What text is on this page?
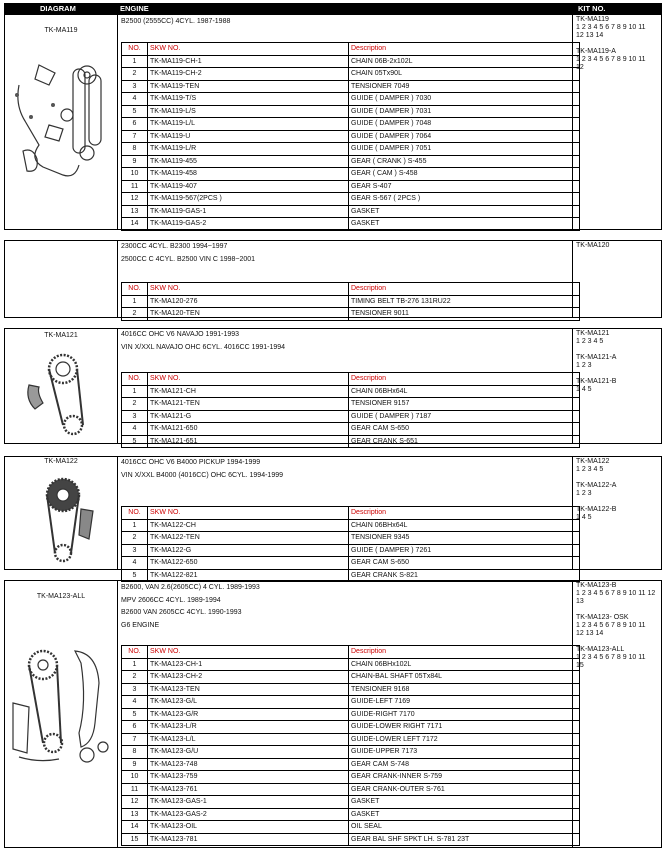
DIAGRAM	ENGINE	KIT NO.
TK-MA119
B2500 (2555CC) 4CYL. 1987-1988
NO.	SKW NO.	Description
1	TK-MA119-CH-1	CHAIN 06B-2x102L
2	TK-MA119-CH-2	CHAIN 05Tx90L
3	TK-MA119-TEN	TENSIONER 7049
4	TK-MA119-T/S	GUIDE ( DAMPER ) 7030
5	TK-MA119-L/S	GUIDE ( DAMPER ) 7031
6	TK-MA119-L/L	GUIDE ( DAMPER ) 7048
7	TK-MA119-U	GUIDE ( DAMPER ) 7064
8	TK-MA119-L/R	GUIDE ( DAMPER ) 7051
9	TK-MA119-455	GEAR ( CRANK ) S-455
10	TK-MA119-458	GEAR ( CAM ) S-458
11	TK-MA119-407	GEAR S-407
12	TK-MA119-567(2PCS )	GEAR S-567 ( 2PCS )
13	TK-MA119-GAS-1	GASKET
14	TK-MA119-GAS-2	GASKET
TK-MA119
1 2 3 4 5 6 7 8 9 10 11
12 13 14
TK-MA119-A
1 2 3 4 5 6 7 8 9 10 11
12
2300CC 4CYL. B2300 1994~1997
2500CC C 4CYL. B2500 VIN C 1998~2001
NO.	SKW NO.	Description
1	TK-MA120-276	TIMING BELT TB-276 131RU22
2	TK-MA120-TEN	TENSIONER 9011
TK-MA120
TK-MA121	4016CC OHC V6 NAVAJO 1991-1993
VIN X/XXL NAVAJO OHC 6CYL. 4016CC 1991-1994
NO.	SKW NO.	Description
1	TK-MA121-CH	CHAIN 06BHx64L
2	TK-MA121-TEN	TENSIONER 9157
3	TK-MA121-G	GUIDE ( DAMPER ) 7187
4	TK-MA121-650	GEAR CAM S-650
5	TK-MA121-651	GEAR CRANK S-651
TK-MA121
1 2 3 4 5
TK-MA121-A
1 2 3
TK-MA121-B
1 4 5
TK-MA122	4016CC OHC V6 B4000 PICKUP 1994-1999
VIN X/XXL B4000 (4016CC) OHC 6CYL. 1994-1999
NO.	SKW NO.	Description
1	TK-MA122-CH	CHAIN 06BHx64L
2	TK-MA122-TEN	TENSIONER 9345
3	TK-MA122-G	GUIDE ( DAMPER ) 7261
4	TK-MA122-650	GEAR CAM S-650
5	TK-MA122-821	GEAR CRANK S-821
TK-MA122
1 2 3 4 5
TK-MA122-A
1 2 3
TK-MA122-B
1 4 5
TK-MA123-ALL
B2600, VAN 2.6(2605CC) 4 CYL. 1989-1993
MPV 2606CC 4CYL. 1989-1994
B2600 VAN 2605CC 4CYL. 1990-1993
G6 ENGINE
NO.	SKW NO.	Description
1	TK-MA123-CH-1	CHAIN 06BHx102L
2	TK-MA123-CH-2	CHAIN-BAL SHAFT 05Tx84L
3	TK-MA123-TEN	TENSIONER 9168
4	TK-MA123-G/L	GUIDE-LEFT 7169
5	TK-MA123-G/R	GUIDE-RIGHT 7170
6	TK-MA123-L/R	GUIDE-LOWER RIGHT 7171
7	TK-MA123-L/L	GUIDE-LOWER LEFT 7172
8	TK-MA123-G/U	GUIDE-UPPER 7173
9	TK-MA123-748	GEAR CAM S-748
10	TK-MA123-759	GEAR CRANK-INNER S-759
11	TK-MA123-761	GEAR CRANK-OUTER S-761
12	TK-MA123-GAS-1	GASKET
13	TK-MA123-GAS-2	GASKET
14	TK-MA123-OIL	OIL SEAL
15	TK-MA123-781	GEAR BAL SHF SPKT LH. S-781 23T
TK-MA123-B
1 2 3 4 5 6 7 8 9 10 11 12 13
TK-MA123- OSK
1 2 3 4 5 6 7 8 9 10 11
12 13 14
TK-MA123-ALL
1 2 3 4 5 6 7 8 9 10 11
15
